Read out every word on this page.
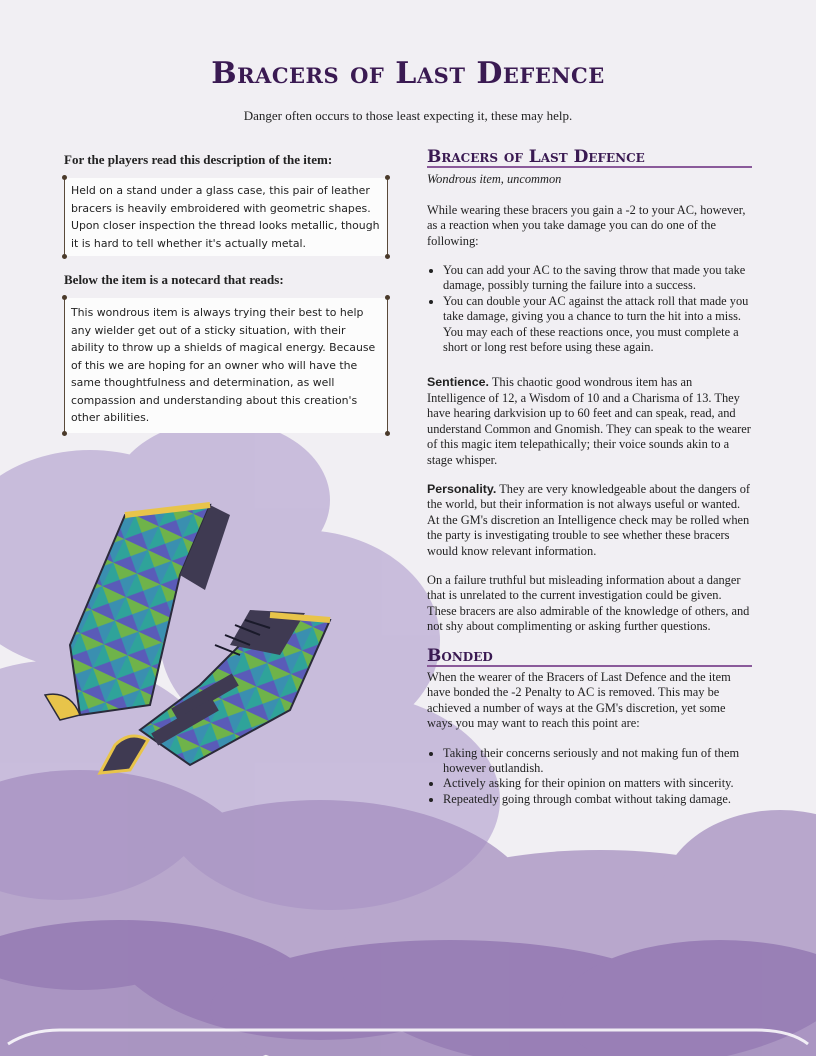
Bracers of Last Defence
Danger often occurs to those least expecting it, these may help.
For the players read this description of the item:
Held on a stand under a glass case, this pair of leather bracers is heavily embroidered with geometric shapes. Upon closer inspection the thread looks metallic, though it is hard to tell whether it's actually metal.
Below the item is a notecard that reads:
This wondrous item is always trying their best to help any wielder get out of a sticky situation, with their ability to throw up a shields of magical energy. Because of this we are hoping for an owner who will have the same thoughtfulness and determination, as well compassion and understanding about this creation's other abilities.
Bracers of Last Defence
Wondrous item, uncommon

While wearing these bracers you gain a -2 to your AC, however, as a reaction when you take damage you can do one of the following:

• You can add your AC to the saving throw that made you take damage, possibly turning the failure into a success.
• You can double your AC against the attack roll that made you take damage, giving you a chance to turn the hit into a miss. You may each of these reactions once, you must complete a short or long rest before using these again.

Sentience. This chaotic good wondrous item has an Intelligence of 12, a Wisdom of 10 and a Charisma of 13. They have hearing darkvision up to 60 feet and can speak, read, and understand Common and Gnomish. They can speak to the wearer of this magic item telepathically; their voice sounds akin to a stage whisper.

Personality. They are very knowledgeable about the dangers of the world, but their information is not always useful or wanted. At the GM's discretion an Intelligence check may be rolled when the party is investigating trouble to see whether these bracers would know relevant information.

On a failure truthful but misleading information about a danger that is unrelated to the current investigation could be given. These bracers are also admirable of the knowledge of others, and not shy about complimenting or asking further questions.

Bonded

When the wearer of the Bracers of Last Defence and the item have bonded the -2 Penalty to AC is removed. This may be achieved a number of ways at the GM's discretion, yet some ways you may want to reach this point are:

• Taking their concerns seriously and not making fun of them however outlandish.
• Actively asking for their opinion on matters with sincerity.
• Repeatedly going through combat without taking damage.
